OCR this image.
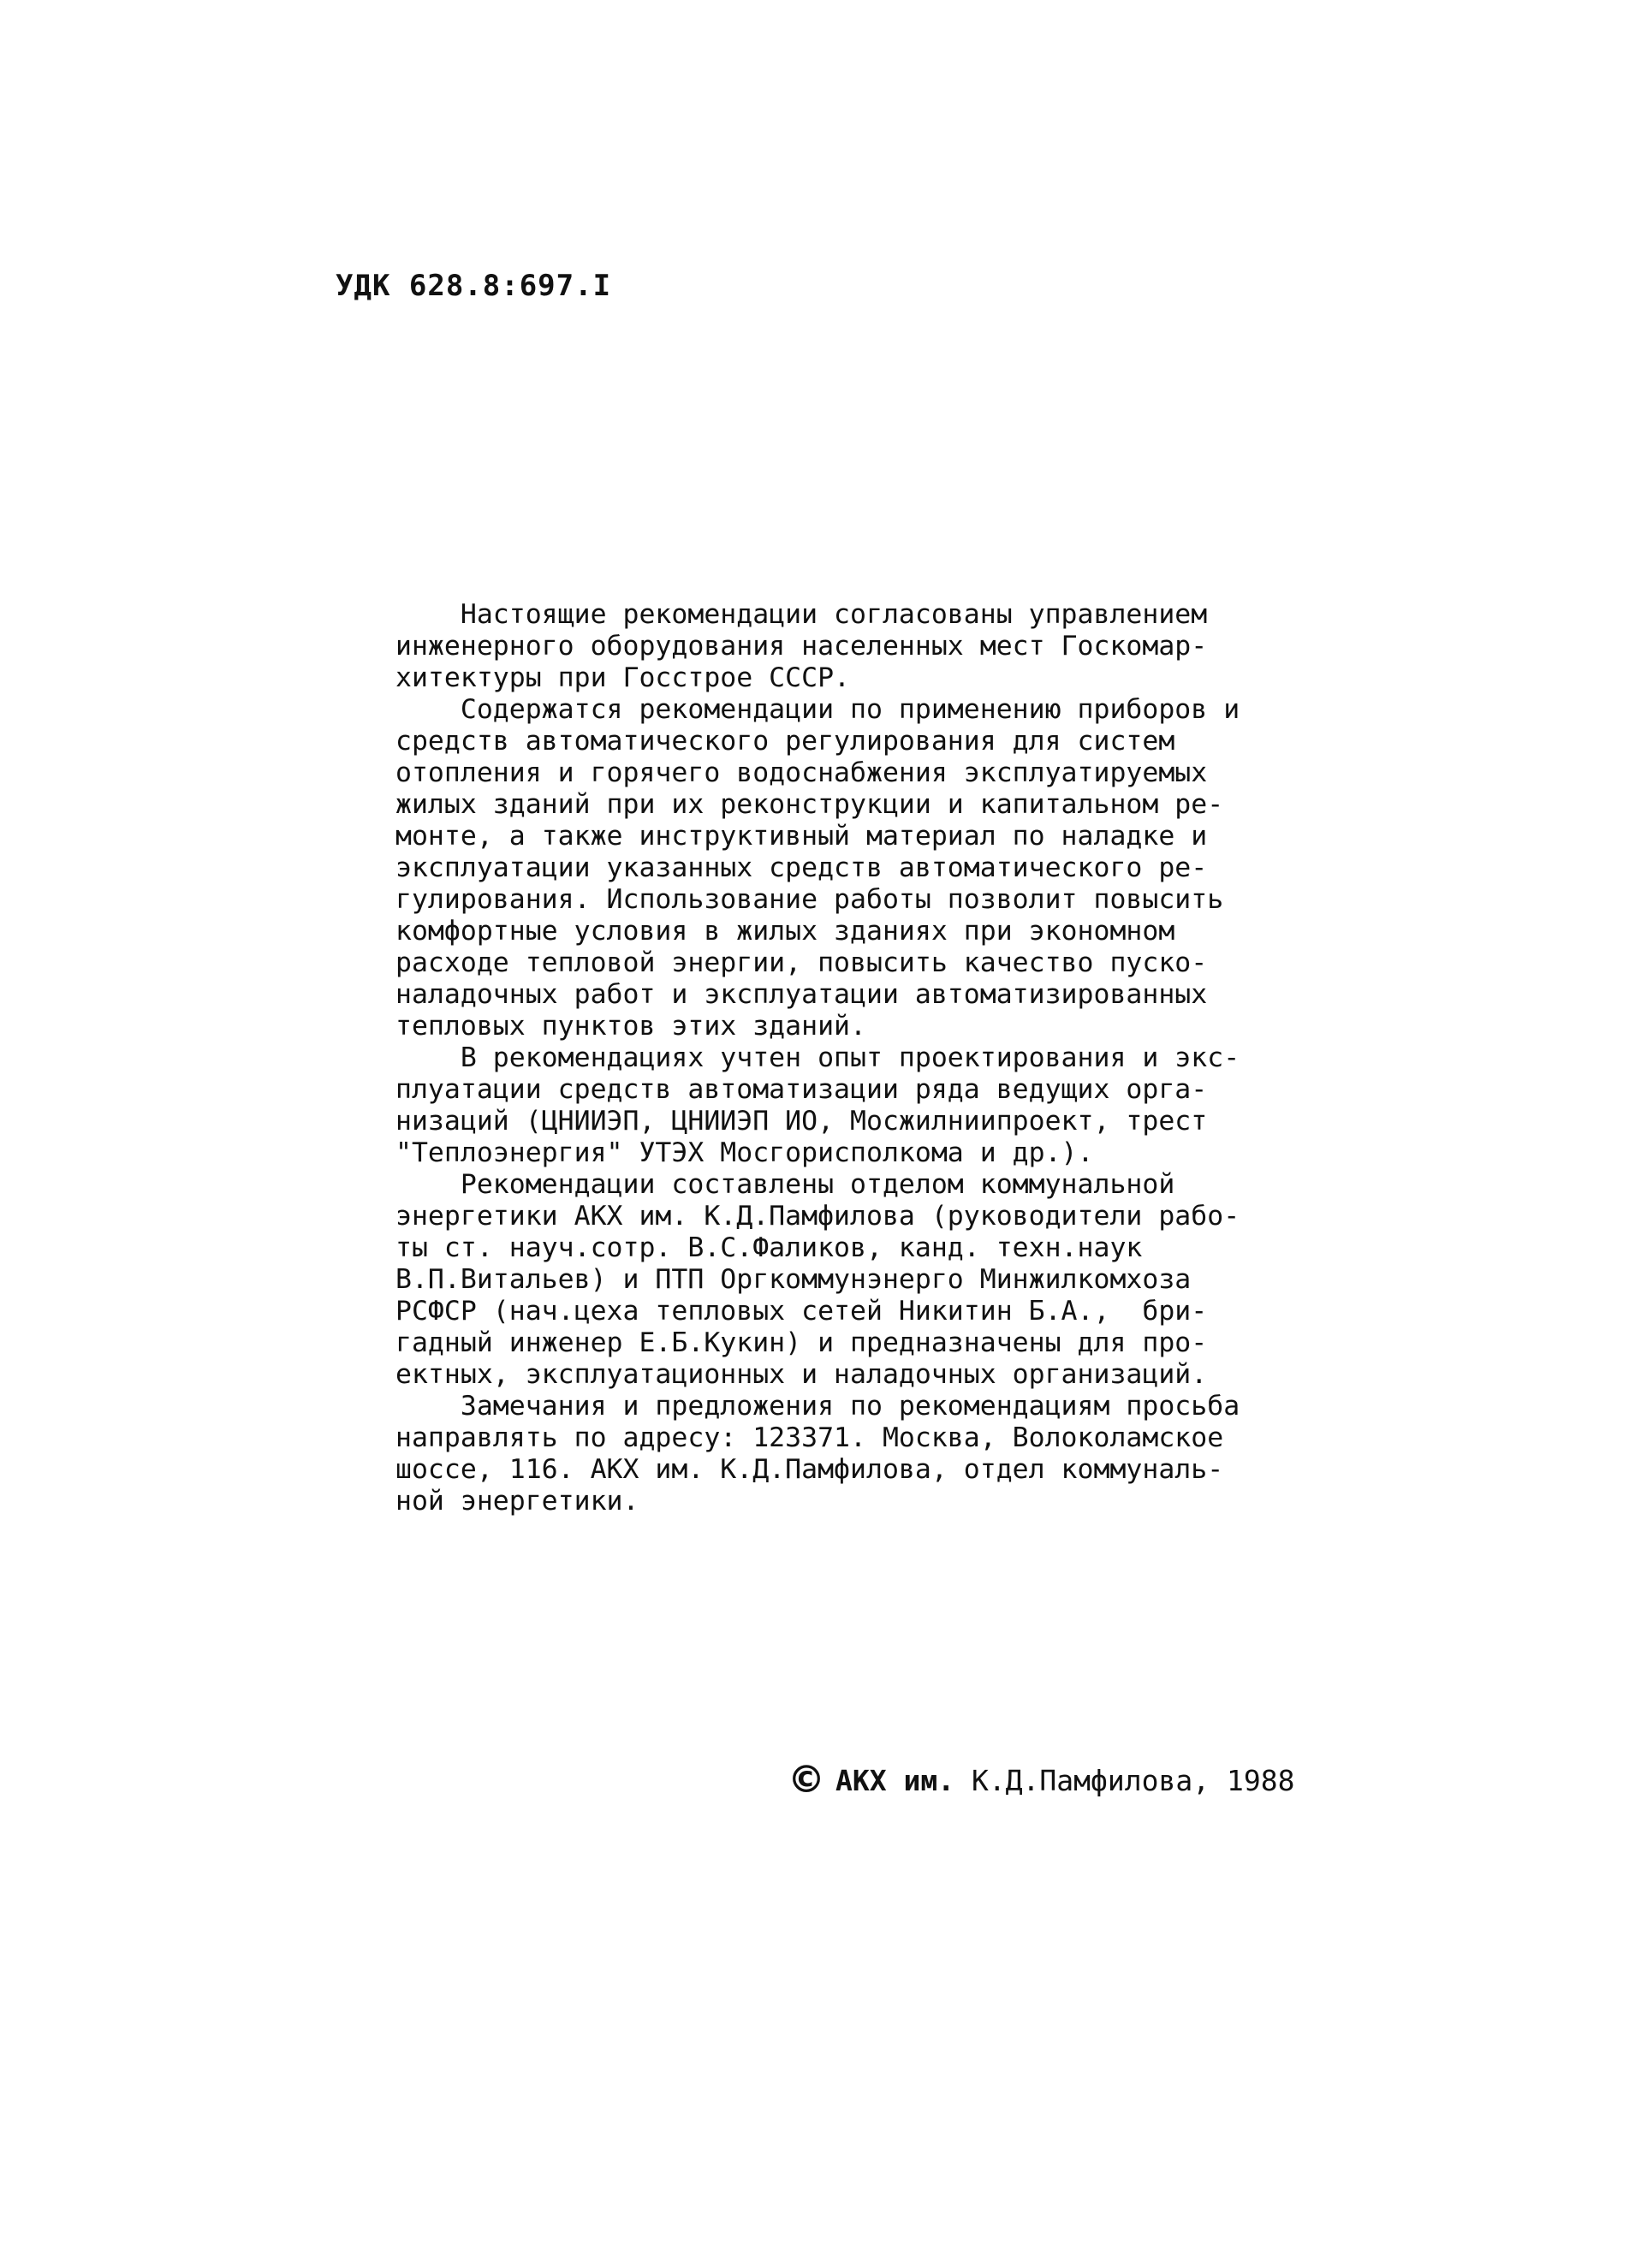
УДК 628.8:697.I
Настоящие рекомендации согласованы управлением
инженерного оборудования населенных мест Госкомар-
хитектуры при Госстрое СССР.
Содержатся рекомендации по применению приборов и
средств автоматического регулирования для систем
отопления и горячего водоснабжения эксплуатируемых
жилых зданий при их реконструкции и капитальном ре-
монте, а также инструктивный материал по наладке и
эксплуатации указанных средств автоматического ре-
гулирования. Использование работы позволит повысить
комфортные условия в жилых зданиях при экономном
расходе тепловой энергии, повысить качество пуско-
наладочных работ и эксплуатации автоматизированных
тепловых пунктов этих зданий.
В рекомендациях учтен опыт проектирования и экс-
плуатации средств автоматизации ряда ведущих орга-
низаций (ЦНИИЭП, ЦНИИЭП ИО, Мосжилниипроект, трест
"Теплоэнергия" УТЭХ Мосгорисполкома и др.).
Рекомендации составлены отделом коммунальной
энергетики АКХ им. К.Д.Памфилова (руководители рабо-
ты ст. науч.сотр. В.С.Фаликов, канд. техн.наук
В.П.Витальев) и ПТП Оргкоммунэнерго Минжилкомхоза
РСФСР (нач.цеха тепловых сетей Никитин Б.А.,  бри-
гадный инженер Е.Б.Кукин) и предназначены для про-
ектных, эксплуатационных и наладочных организаций.
Замечания и предложения по рекомендациям просьба
направлять по адресу: 123371. Москва, Волоколамское
шоссе, 116. АКХ им. К.Д.Памфилова, отдел коммуналь-
ной энергетики.
© АКХ им. К.Д.Памфилова, 1988
